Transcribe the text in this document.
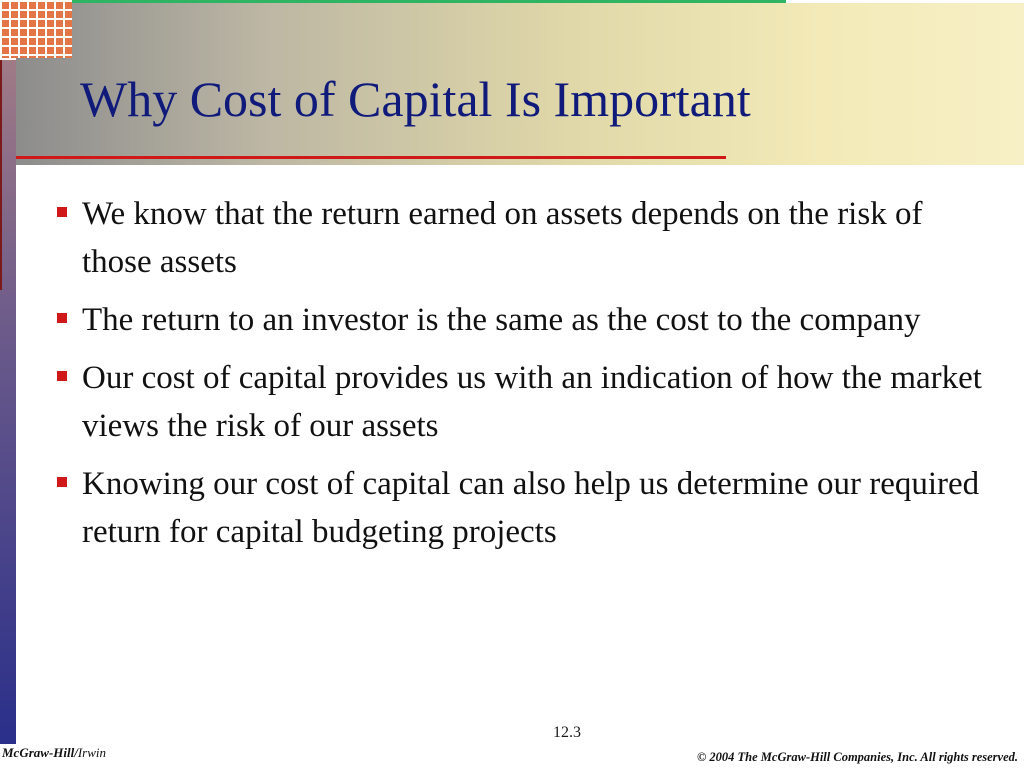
Why Cost of Capital Is Important
We know that the return earned on assets depends on the risk of those assets
The return to an investor is the same as the cost to the company
Our cost of capital provides us with an indication of how the market views the risk of our assets
Knowing our cost of capital can also help us determine our required return for capital budgeting projects
12.3
McGraw-Hill/Irwin	© 2004 The McGraw-Hill Companies, Inc. All rights reserved.
